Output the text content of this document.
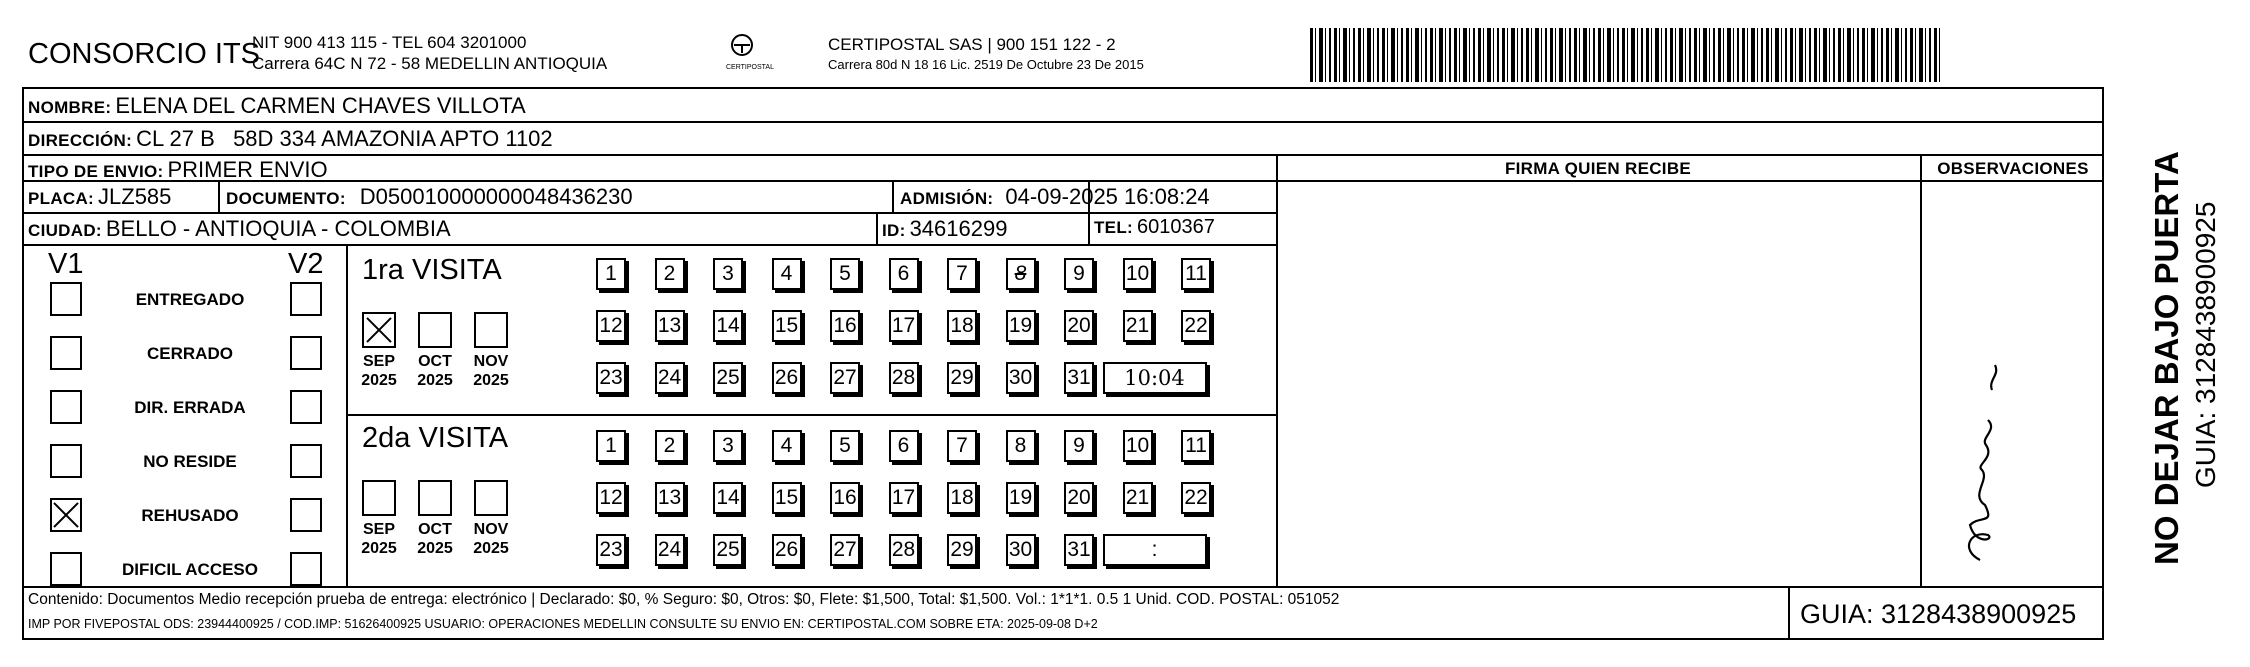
CONSORCIO ITS
NIT 900 413 115 - TEL 604 3201000
Carrera 64C N 72 - 58 MEDELLIN ANTIOQUIA	CERTIPOSTAL
CERTIPOSTAL SAS | 900 151 122 - 2
Carrera 80d N 18 16 Lic. 2519 De Octubre 23 De 2015
NOMBRE: ELENA DEL CARMEN CHAVES VILLOTA
DIRECCIÓN: CL 27 B   58D 334 AMAZONIA APTO 1102
TIPO DE ENVIO: PRIMER ENVIO	FIRMA QUIEN RECIBE	OBSERVACIONES
PLACA: JLZ585	DOCUMENTO: D050010000000048436230	ADMISIÓN: 04-09-2025 16:08:24
CIUDAD: BELLO - ANTIOQUIA - COLOMBIA	ID: 34616299	TEL: 6010367
V1	V2
ENTREGADO
CERRADO
DIR. ERRADA
NO RESIDE
REHUSADO
DIFICIL ACCESO
1ra VISITA
2da VISITA
SEP
2025
OCT
2025
NOV
2025
SEP
2025
OCT
2025
NOV
2025
1	2	3	4	5	6	7	8	9	10 11
12 13 14 15 16 17 18 19 20 21 22
23 24 25 26 27 28 29 30 31	10:04
1	2	3	4	5	6	7	8	9	10 11
12 13 14 15 16 17 18 19 20 21 22
23 24 25 26 27 28 29 30 31	:
Contenido: Documentos Medio recepción prueba de entrega: electrónico | Declarado: $0, % Seguro: $0, Otros: $0, Flete: $1,500, Total: $1,500. Vol.: 1*1*1. 0.5 1 Unid. COD. POSTAL: 051052
IMP POR FIVEPOSTAL ODS: 23944400925 / COD.IMP: 51626400925 USUARIO: OPERACIONES MEDELLIN CONSULTE SU ENVIO EN: CERTIPOSTAL.COM SOBRE ETA: 2025-09-08 D+2	GUIA: 3128438900925
NO DEJAR BAJO PUERTA GUIA: 3128438900925
